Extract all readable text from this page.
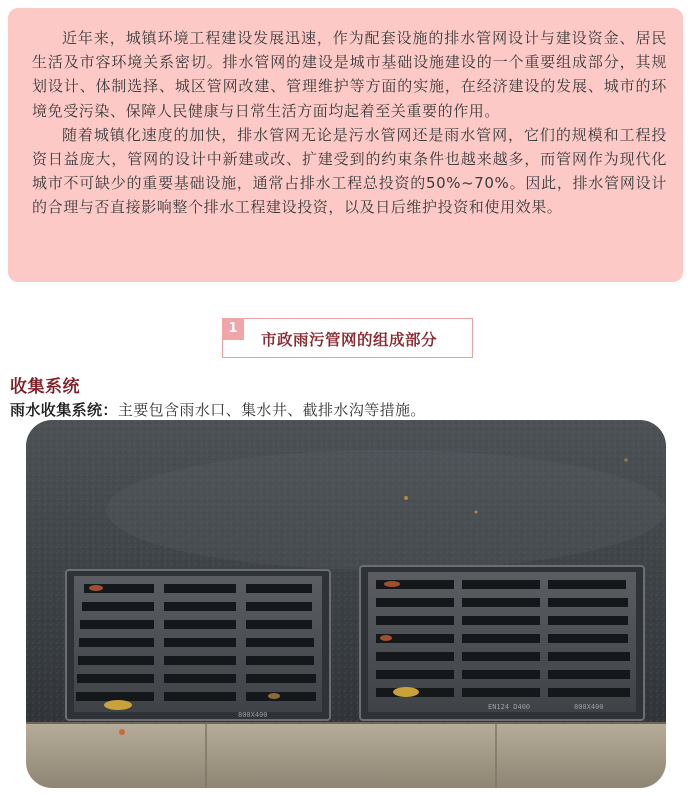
近年来，城镇环境工程建设发展迅速，作为配套设施的排水管网设计与建设资金、居民生活及市容环境关系密切。排水管网的建设是城市基础设施建设的一个重要组成部分，其规划设计、体制选择、城区管网改建、管理维护等方面的实施，在经济建设的发展、城市的环境免受污染、保障人民健康与日常生活方面均起着至关重要的作用。

随着城镇化速度的加快，排水管网无论是污水管网还是雨水管网，它们的规模和工程投资日益庞大，管网的设计中新建或改、扩建受到的约束条件也越来越多，而管网作为现代化城市不可缺少的重要基础设施，通常占排水工程总投资的50%~70%。因此，排水管网设计的合理与否直接影响整个排水工程建设投资，以及日后维护投资和使用效果。

1
市政雨污管网的组成部分
收集系统
雨水收集系统：主要包含雨水口、集水井、截排水沟等措施。
800X400
EN124 D400	800X400
